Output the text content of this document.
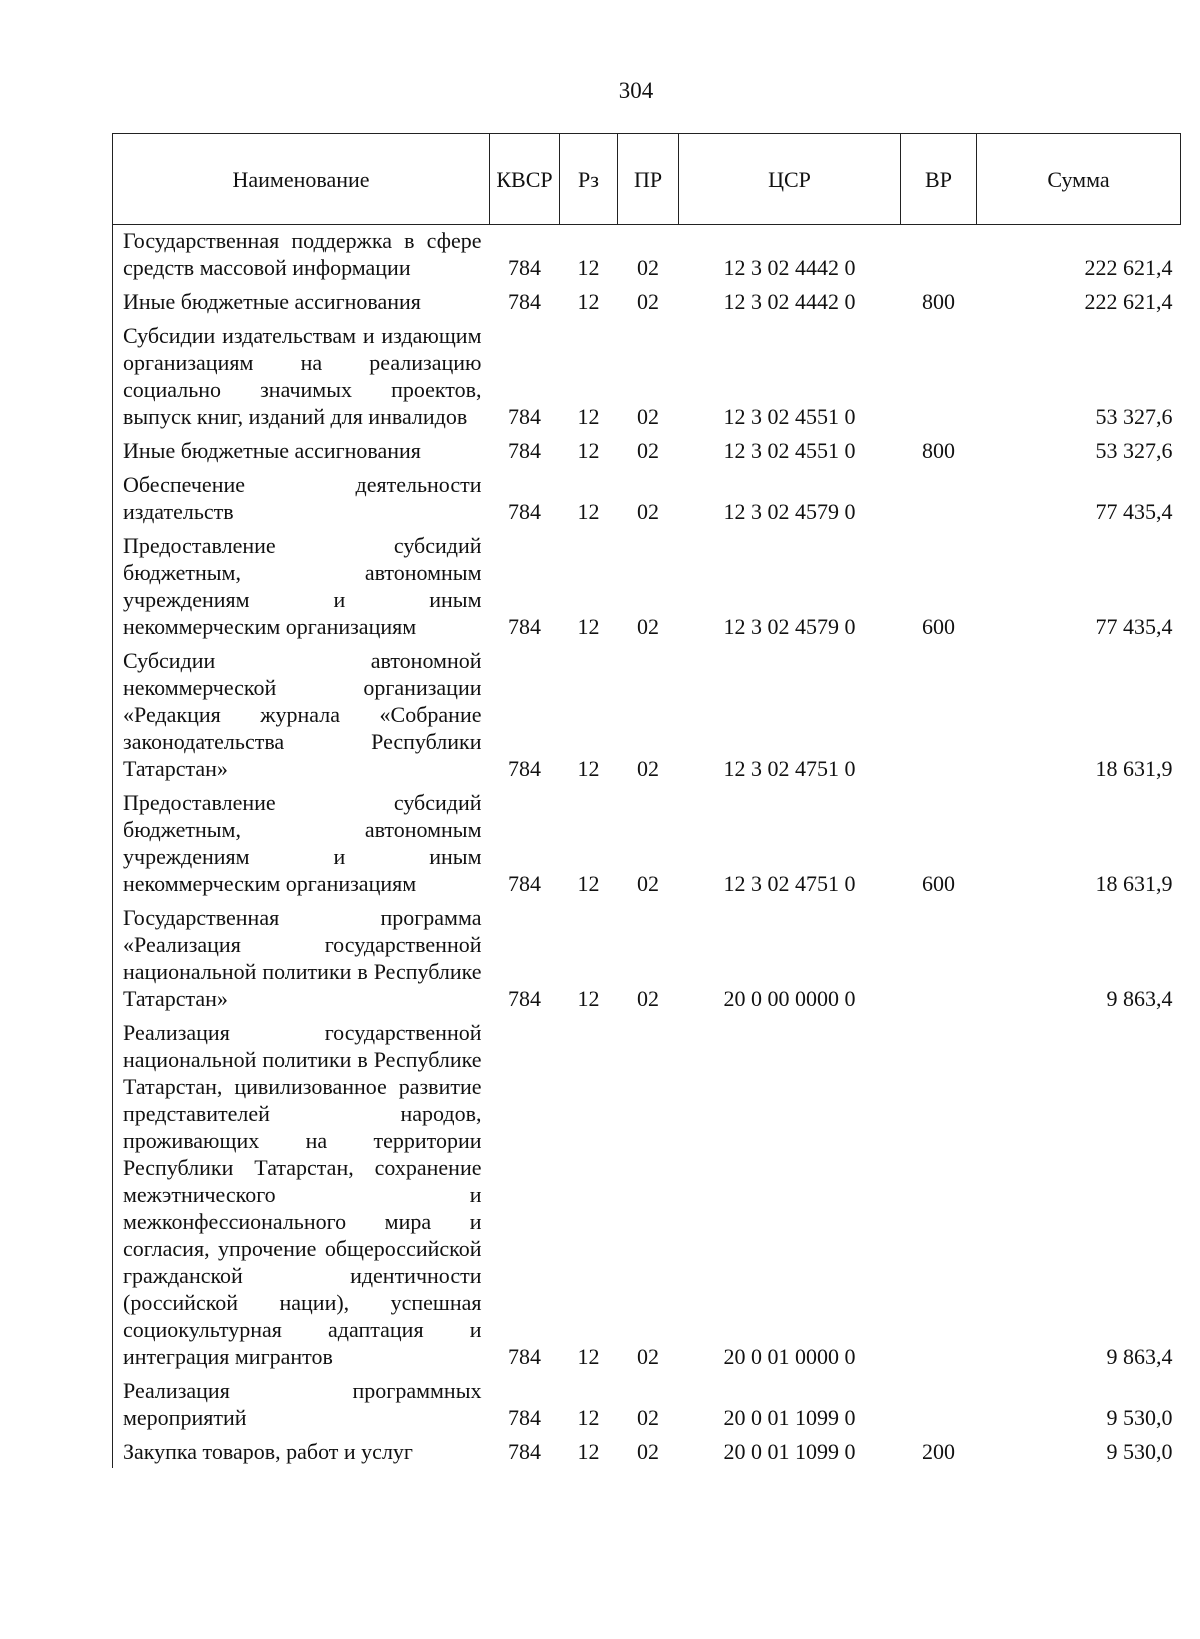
304
Наименование	КВСР	Рз	ПР	ЦСР	ВР	Сумма
Государственная поддержка в сфере средств массовой информации	784	12	02	12 3 02 4442 0		222 621,4
Иные бюджетные ассигнования	784	12	02	12 3 02 4442 0	800	222 621,4
Субсидии издательствам и издающим организациям на реализацию социально значимых проектов, выпуск книг, изданий для инвалидов	784	12	02	12 3 02 4551 0		53 327,6
Иные бюджетные ассигнования	784	12	02	12 3 02 4551 0	800	53 327,6
Обеспечение деятельности издательств	784	12	02	12 3 02 4579 0		77 435,4
Предоставление субсидий бюджетным, автономным учреждениям и иным некоммерческим организациям	784	12	02	12 3 02 4579 0	600	77 435,4
Субсидии автономной некоммерческой организации «Редакция журнала «Собрание законодательства Республики Татарстан»	784	12	02	12 3 02 4751 0		18 631,9
Предоставление субсидий бюджетным, автономным учреждениям и иным некоммерческим организациям	784	12	02	12 3 02 4751 0	600	18 631,9
Государственная программа «Реализация государственной национальной политики в Республике Татарстан»	784	12	02	20 0 00 0000 0		9 863,4
Реализация государственной национальной политики в Республике Татарстан, цивилизованное развитие представителей народов, проживающих на территории Республики Татарстан, сохранение межэтнического и межконфессионального мира и согласия, упрочение общероссийской гражданской идентичности (российской нации), успешная социокультурная адаптация и интеграция мигрантов	784	12	02	20 0 01 0000 0		9 863,4
Реализация программных мероприятий	784	12	02	20 0 01 1099 0		9 530,0
Закупка товаров, работ и услуг	784	12	02	20 0 01 1099 0	200	9 530,0
